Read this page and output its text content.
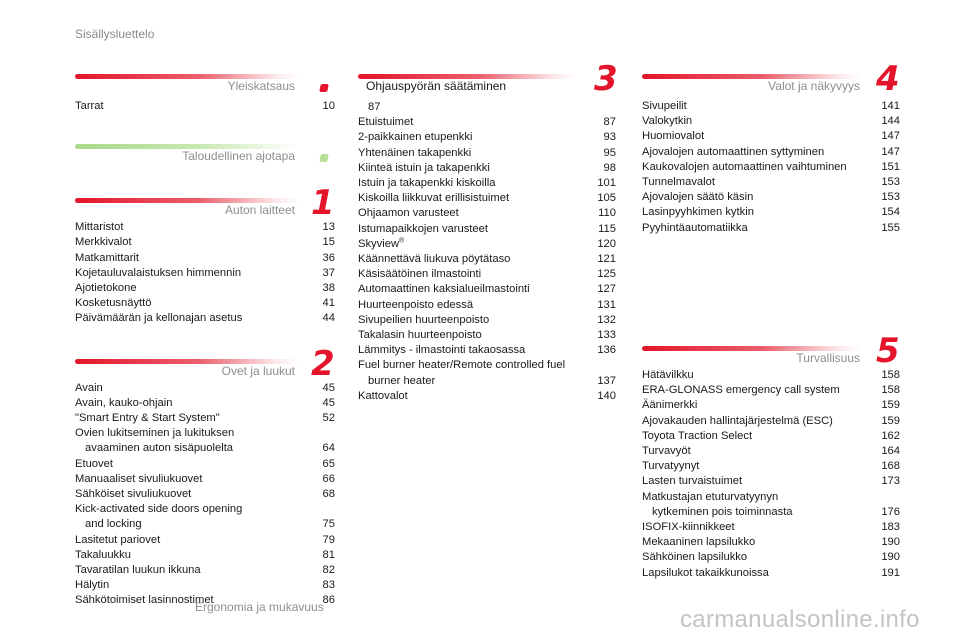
Sisällysluettelo
Yleiskatsaus
Tarrat	10
Taloudellinen ajotapa
Auton laitteet 1
Mittaristot	13
Merkkivalot	15
Matkamittarit	36
Kojetauluvalaistuksen himmennin	37
Ajotietokone	38
Kosketusnäyttö	41
Päivämäärän ja kellonajan asetus	44
Ovet ja luukut 2
Avain	45
Avain, kauko-ohjain	45
"Smart Entry & Start System"	52
Ovien lukitseminen ja lukituksen
avaaminen auton sisäpuolelta	64
Etuovet	65
Manuaaliset sivuliukuovet	66
Sähköiset sivuliukuovet	68
Kick-activated side doors opening
and locking	75
Lasitetut pariovet	79
Takaluukku	81
Tavaratilan luukun ikkuna	82
Hälytin	83
Sähkötoimiset lasinnostimet	86
Ergonomia ja mukavuus
Ohjauspyörän säätäminen	3
87
Etuistuimet	87
2-paikkainen etupenkki	93
Yhtenäinen takapenkki	95
Kiinteä istuin ja takapenkki	98
Istuin ja takapenkki kiskoilla	101
Kiskoilla liikkuvat erillisistuimet	105
Ohjaamon varusteet	110
Istumapaikkojen varusteet	115
Skyview®	120
Käännettävä liukuva pöytätaso	121
Käsisäätöinen ilmastointi	125
Automaattinen kaksialueilmastointi	127
Huurteenpoisto edessä	131
Sivupeilien huurteenpoisto	132
Takalasin huurteenpoisto	133
Lämmitys - ilmastointi takaosassa	136
Fuel burner heater/Remote controlled fuel
burner heater	137
Kattovalot	140
Valot ja näkyvyys 4
Sivupeilit	141
Valokytkin	144
Huomiovalot	147
Ajovalojen automaattinen syttyminen	147
Kaukovalojen automaattinen vaihtuminen	151
Tunnelmavalot	153
Ajovalojen säätö käsin	153
Lasinpyyhkimen kytkin	154
Pyyhintäautomatiikka	155
Turvallisuus 5
Hätävilkku	158
ERA-GLONASS emergency call system	158
Äänimerkki	159
Ajovakauden hallintajärjestelmä (ESC)	159
Toyota Traction Select	162
Turvavyöt	164
Turvatyynyt	168
Lasten turvaistuimet	173
Matkustajan etuturvatyynyn
kytkeminen pois toiminnasta	176
ISOFIX-kiinnikkeet	183
Mekaaninen lapsilukko	190
Sähköinen lapsilukko	190
Lapsilukot takaikkunoissa	191
carmanualsonline.info
